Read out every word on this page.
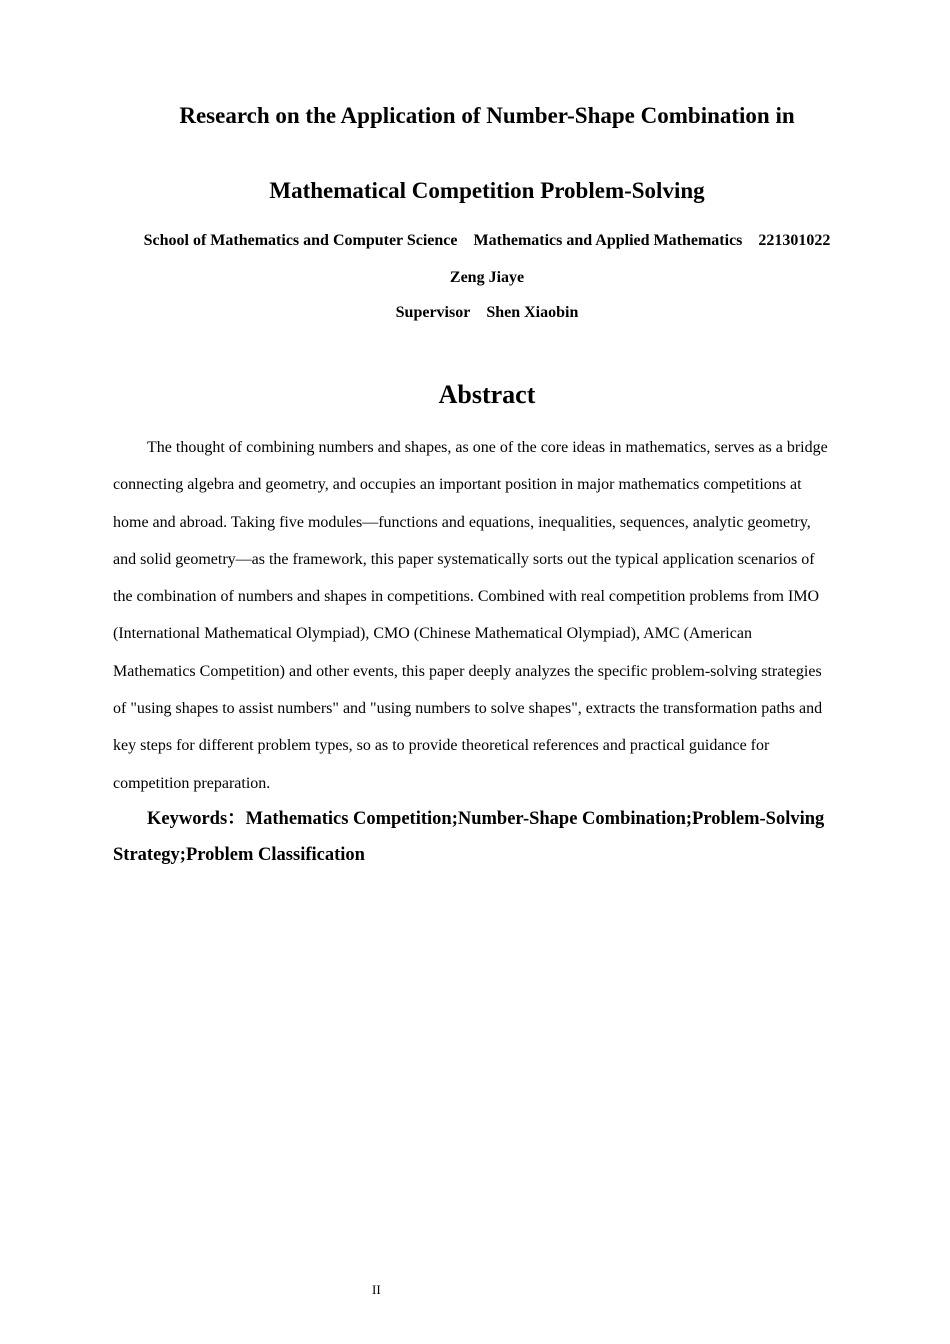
Research on the Application of Number-Shape Combination in
Mathematical Competition Problem-Solving
School of Mathematics and Computer Science Mathematics and Applied Mathematics 221301022
Zeng Jiaye
Supervisor Shen Xiaobin
Abstract
The thought of combining numbers and shapes, as one of the core ideas in mathematics, serves as a bridge
connecting algebra and geometry, and occupies an important position in major mathematics competitions at
home and abroad. Taking five modules—functions and equations, inequalities, sequences, analytic geometry,
and solid geometry—as the framework, this paper systematically sorts out the typical application scenarios of
the combination of numbers and shapes in competitions. Combined with real competition problems from IMO
(International Mathematical Olympiad), CMO (Chinese Mathematical Olympiad), AMC (American
Mathematics Competition) and other events, this paper deeply analyzes the specific problem-solving strategies
of "using shapes to assist numbers" and "using numbers to solve shapes", extracts the transformation paths and
key steps for different problem types, so as to provide theoretical references and practical guidance for
competition preparation.
Keywords：Mathematics Competition;Number-Shape Combination;Problem-Solving
Strategy;Problem Classification
II
